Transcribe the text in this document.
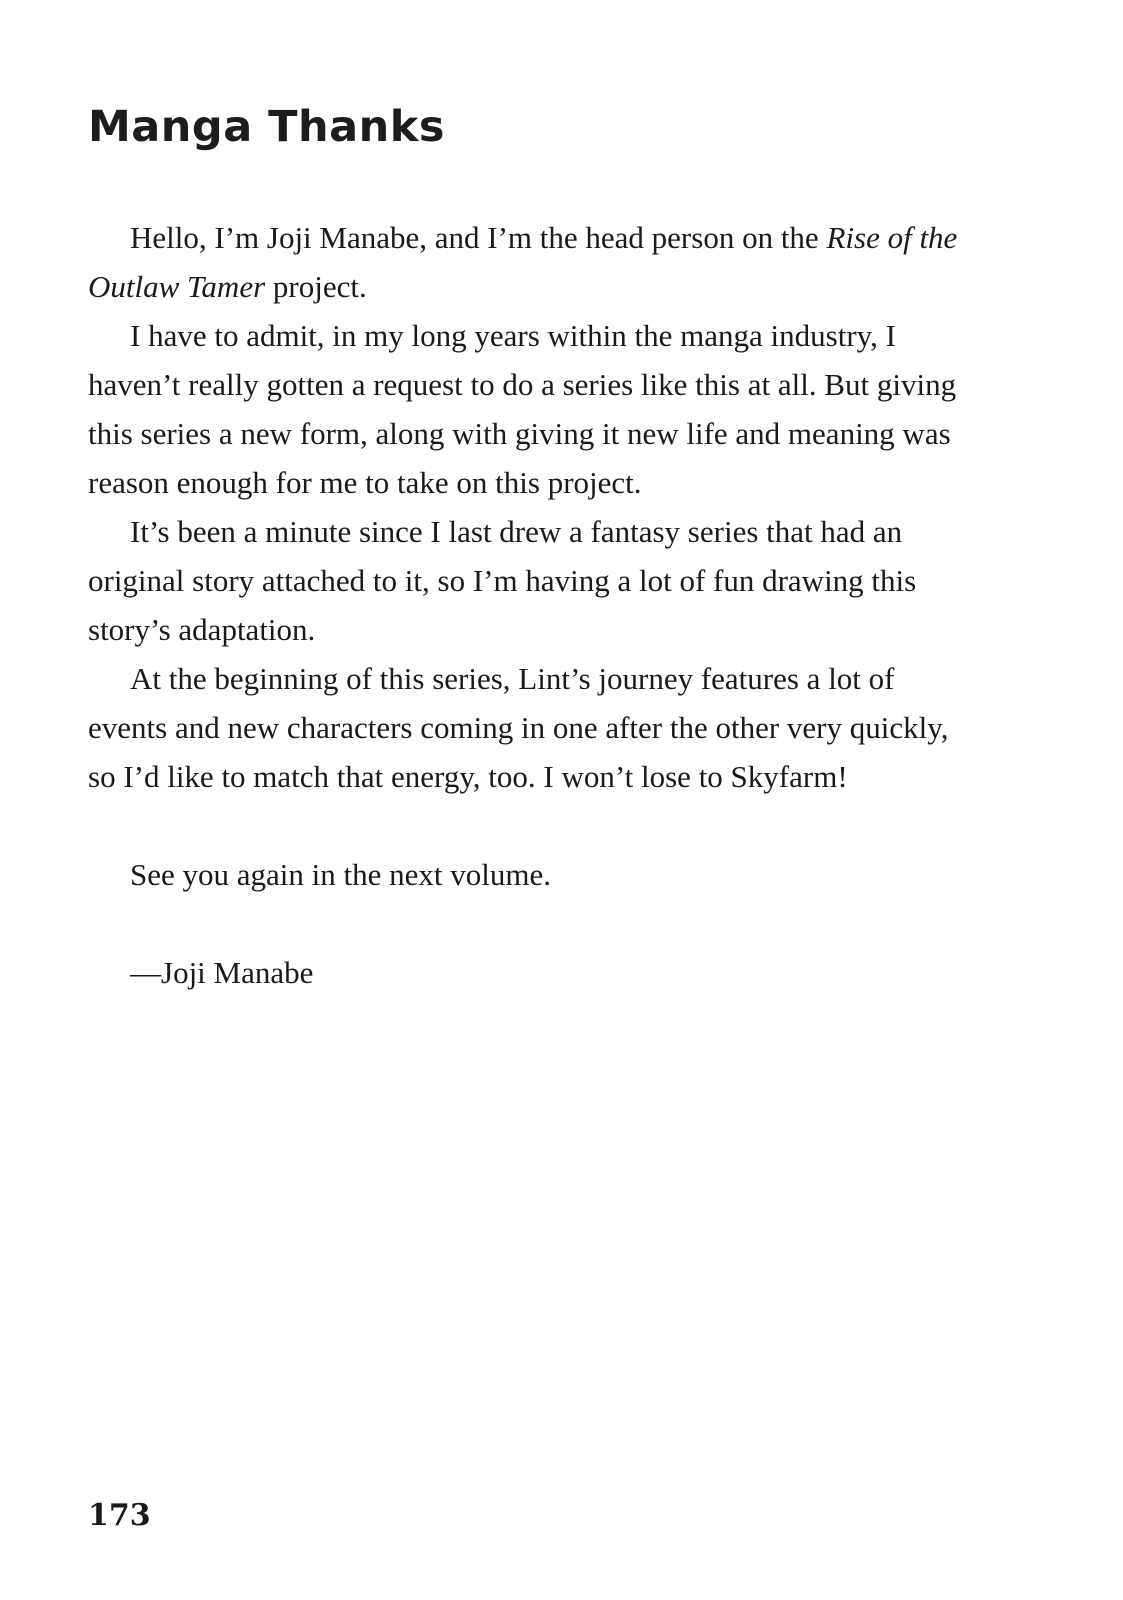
Manga Thanks

Hello, I’m Joji Manabe, and I’m the head person on the Rise of the Outlaw Tamer project.

I have to admit, in my long years within the manga industry, I haven’t really gotten a request to do a series like this at all. But giving this series a new form, along with giving it new life and meaning was reason enough for me to take on this project.

It’s been a minute since I last drew a fantasy series that had an original story attached to it, so I’m having a lot of fun drawing this story’s adaptation.

At the beginning of this series, Lint’s journey features a lot of events and new characters coming in one after the other very quickly, so I’d like to match that energy, too. I won’t lose to Skyfarm!

See you again in the next volume.

—Joji Manabe

173
